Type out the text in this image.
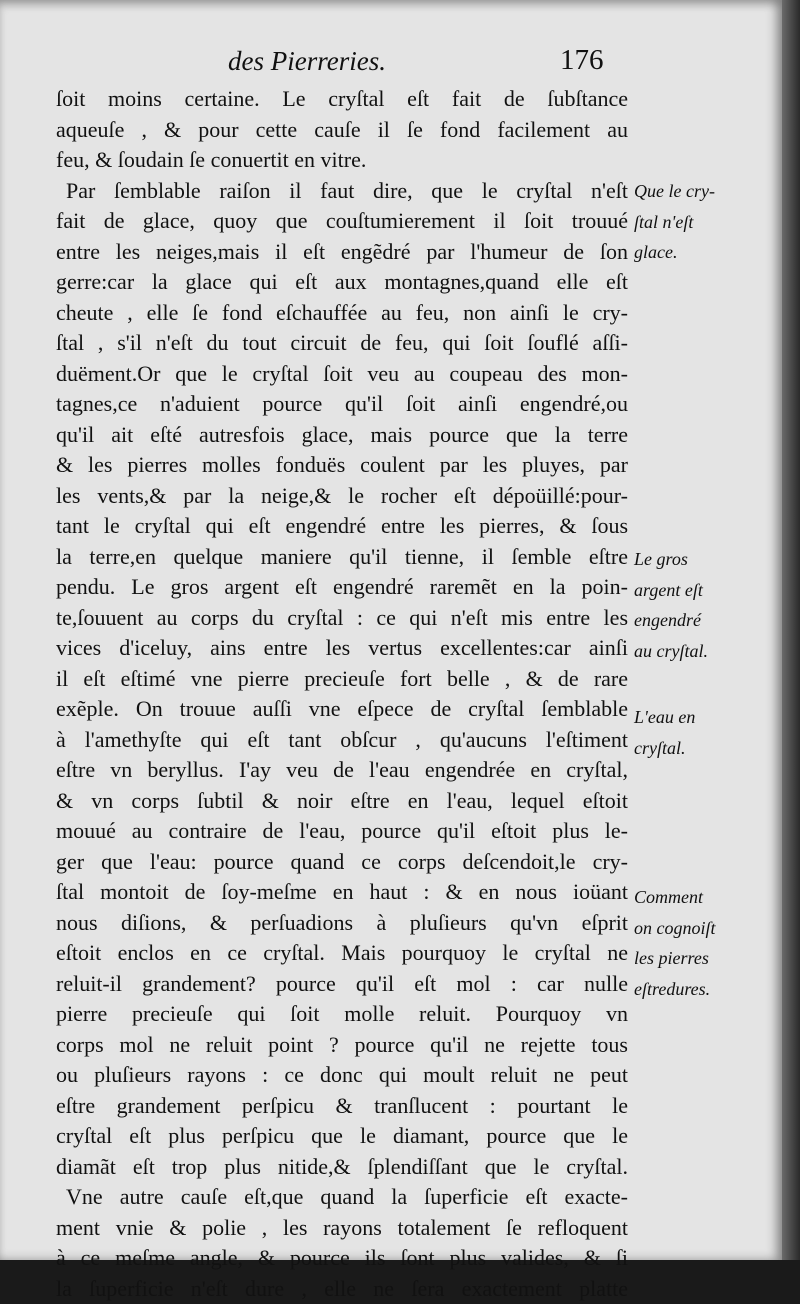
des Pierreries.	176
ſoit moins certaine. Le cryſtal eſt fait de ſubſtance
aqueuſe , & pour cette cauſe il ſe fond facilement au
feu, & ſoudain ſe conuertit en vitre.
Par ſemblable raiſon il faut dire, que le cryſtal n'eſt
fait de glace, quoy que couſtumierement il ſoit trouué
entre les neiges,mais il eſt engẽdré par l'humeur de ſon
gerre:car la glace qui eſt aux montagnes,quand elle eſt
cheute , elle ſe fond eſchauffée au feu, non ainſi le cry-
ſtal , s'il n'eſt du tout circuit de feu, qui ſoit ſouflé aſſi-
duëment.Or que le cryſtal ſoit veu au coupeau des mon-
tagnes,ce n'aduient pource qu'il ſoit ainſi engendré,ou
qu'il ait eſté autresfois glace, mais pource que la terre
& les pierres molles fonduës coulent par les pluyes, par
les vents,& par la neige,& le rocher eſt dépoüillé:pour-
tant le cryſtal qui eſt engendré entre les pierres, & ſous
la terre,en quelque maniere qu'il tienne, il ſemble eſtre
pendu. Le gros argent eſt engendré raremẽt en la poin-
te,ſouuent au corps du cryſtal : ce qui n'eſt mis entre les
vices d'iceluy, ains entre les vertus excellentes:car ainſi
il eſt eſtimé vne pierre precieuſe fort belle , & de rare
exẽple. On trouue auſſi vne eſpece de cryſtal ſemblable
à l'amethyſte qui eſt tant obſcur , qu'aucuns l'eſtiment
eſtre vn beryllus. I'ay veu de l'eau engendrée en cryſtal,
& vn corps ſubtil & noir eſtre en l'eau, lequel eſtoit
mouué au contraire de l'eau, pource qu'il eſtoit plus le-
ger que l'eau: pource quand ce corps deſcendoit,le cry-
ſtal montoit de ſoy-meſme en haut : & en nous ioüant
nous diſions, & perſuadions à pluſieurs qu'vn eſprit
eſtoit enclos en ce cryſtal. Mais pourquoy le cryſtal ne
reluit-il grandement? pource qu'il eſt mol : car nulle
pierre precieuſe qui ſoit molle reluit. Pourquoy vn
corps mol ne reluit point ? pource qu'il ne rejette tous
ou pluſieurs rayons : ce donc qui moult reluit ne peut
eſtre grandement perſpicu & tranſlucent : pourtant le
cryſtal eſt plus perſpicu que le diamant, pource que le
diamãt eſt trop plus nitide,& ſplendiſſant que le cryſtal.
Vne autre cauſe eſt,que quand la ſuperficie eſt exacte-
ment vnie & polie , les rayons totalement ſe refloquent
à ce meſme angle, & pource ils ſont plus valides, & ſi
la ſuperficie n'eſt dure , elle ne ſera exactement platte
Que le cry-
ſtal n'eſt
glace.
Le gros
argent eſt
engendré
au cryſtal.
L'eau en
cryſtal.
Comment
on cognoiſt
les pierres
eſtredures.
